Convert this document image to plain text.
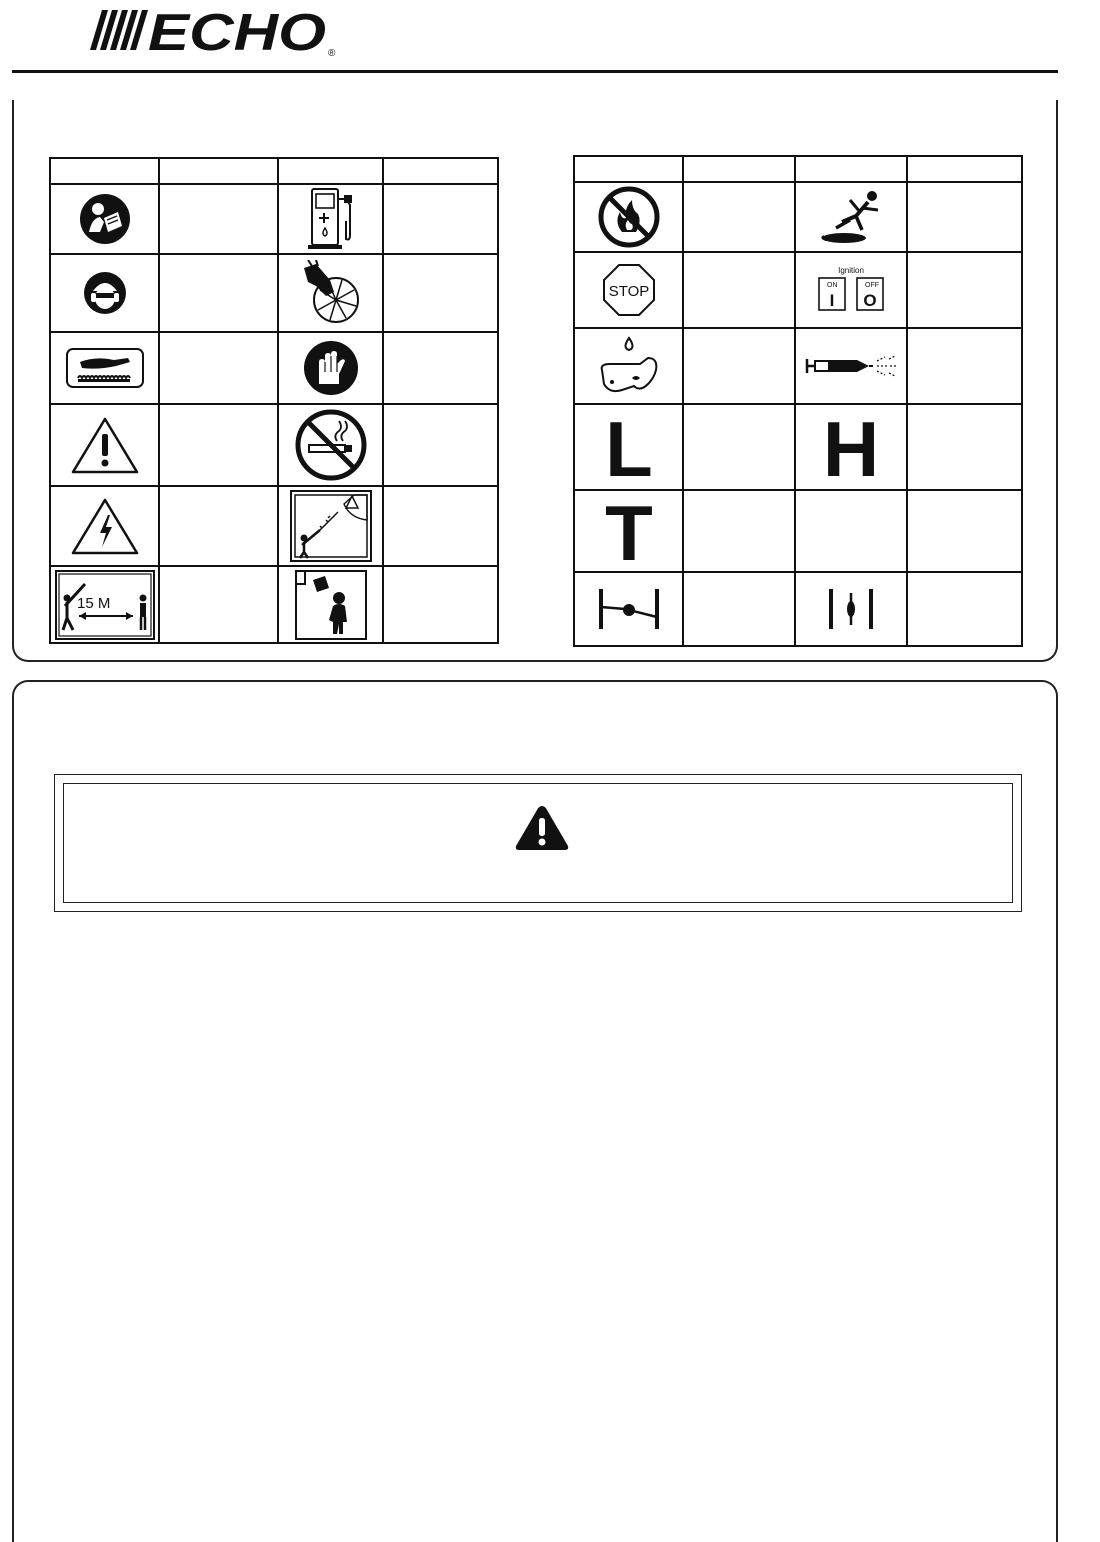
ECHO ®

15 M

STOP		Ignition
ON OFF
I O	

L		H	

T			
